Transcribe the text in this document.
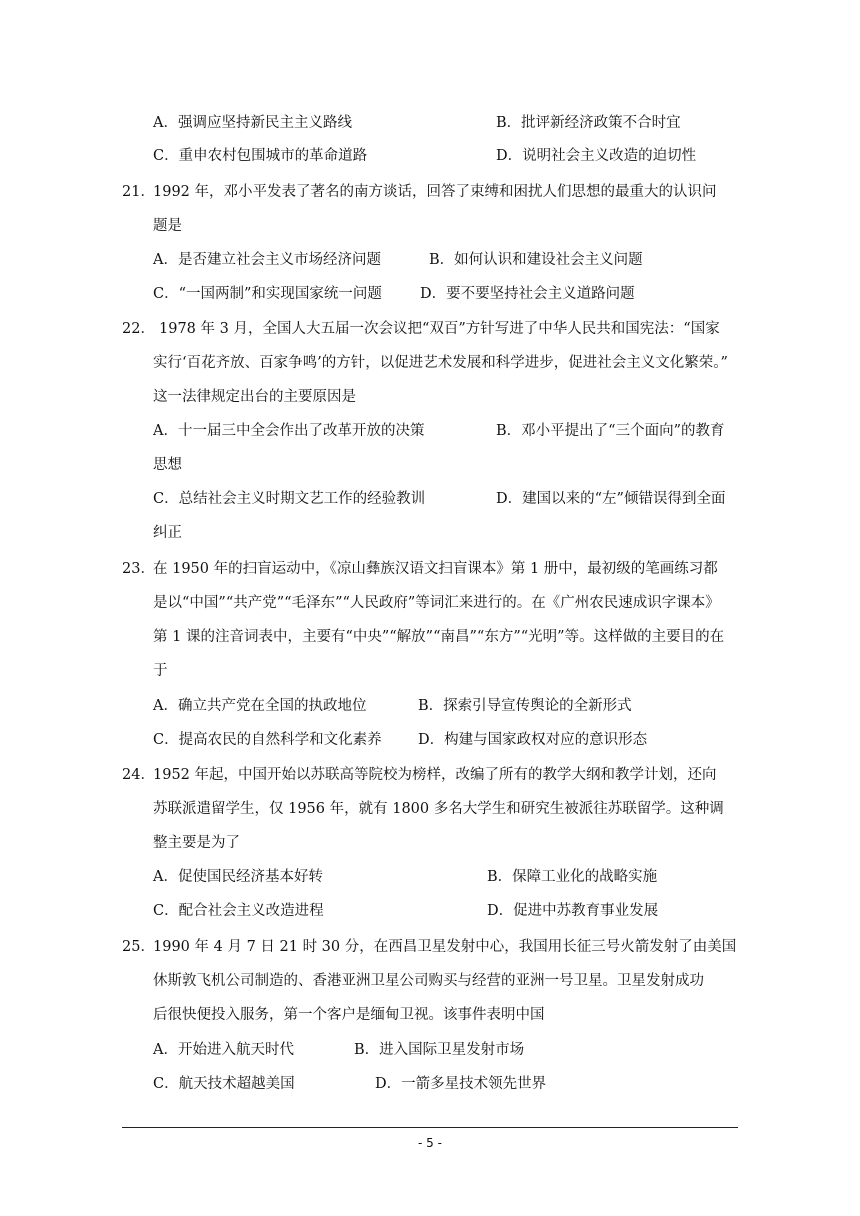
A．强调应坚持新民主主义路线	B．批评新经济政策不合时宜
C．重申农村包围城市的革命道路	D．说明社会主义改造的迫切性
21．
1992 年，邓小平发表了著名的南方谈话，回答了束缚和困扰人们思想的最重大的认识问
题是
A．是否建立社会主义市场经济问题	B．如何认识和建设社会主义问题
C．“一国两制”和实现国家统一问题	D．要不要坚持社会主义道路问题
22． 1978 年 3 月，全国人大五届一次会议把“双百”方针写进了中华人民共和国宪法：“国家
实行‘百花齐放、百家争鸣’的方针，以促进艺术发展和科学进步，促进社会主义文化繁荣。”
这一法律规定出台的主要原因是
A．十一届三中全会作出了改革开放的决策	B．邓小平提出了“三个面向”的教育
思想
C．总结社会主义时期文艺工作的经验教训	D．建国以来的“左”倾错误得到全面
纠正
23．
在 1950 年的扫盲运动中，《凉山彝族汉语文扫盲课本》第 1 册中，最初级的笔画练习都
是以“中国”“共产党”“毛泽东”“人民政府”等词汇来进行的。在《广州农民速成识字课本》
第 1 课的注音词表中，主要有“中央”“解放”“南昌”“东方”“光明”等。这样做的主要目的在
于
A．确立共产党在全国的执政地位	B．探索引导宣传舆论的全新形式
C．提高农民的自然科学和文化素养	D．构建与国家政权对应的意识形态
24．
1952 年起，中国开始以苏联高等院校为榜样，改编了所有的教学大纲和教学计划，还向
苏联派遣留学生，仅 1956 年，就有 1800 多名大学生和研究生被派往苏联留学。这种调
整主要是为了
A．促使国民经济基本好转	B．保障工业化的战略实施
C．配合社会主义改造进程	D．促进中苏教育事业发展
25．
1990 年 4 月 7 日 21 时 30 分，在西昌卫星发射中心，我国用长征三号火箭发射了由美国
休斯敦飞机公司制造的、香港亚洲卫星公司购买与经营的亚洲一号卫星。卫星发射成功
后很快便投入服务，第一个客户是缅甸卫视。该事件表明中国
A．开始进入航天时代	B．进入国际卫星发射市场
C．航天技术超越美国	D．一箭多星技术领先世界
- 5 -
